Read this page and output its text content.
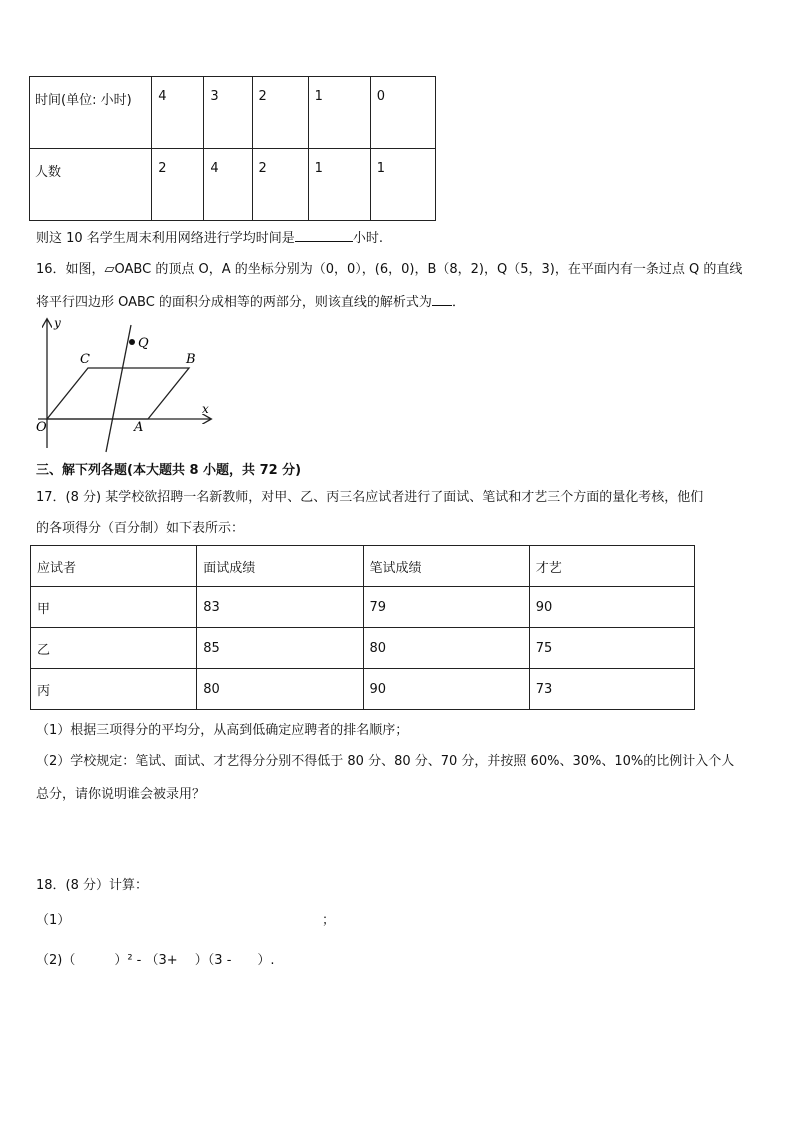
时间(单位: 小时)	4	3	2	1	0

人数	2	4	2	1	1
则这 10 名学生周末利用网络进行学均时间是	小时.
16．如图，▱OABC 的顶点 O，A 的坐标分别为（0，0），(6，0)，B（8，2)，Q（5，3)，在平面内有一条过点 Q 的直线
将平行四边形 OABC 的面积分成相等的两部分，则该直线的解析式为 ．
y
x
O	A
B
C
Q
三、解下列各题(本大题共 8 小题，共 72 分)
17．(8 分) 某学校欲招聘一名新教师，对甲、乙、丙三名应试者进行了面试、笔试和才艺三个方面的量化考核，他们
的各项得分（百分制）如下表所示：
应试者	面试成绩	笔试成绩	才艺
甲	83	79	90
乙	85	80	75
丙	80	90	73
（1）根据三项得分的平均分，从高到低确定应聘者的排名顺序；
（2）学校规定：笔试、面试、才艺得分分别不得低于 80 分、80 分、70 分，并按照 60%、30%、10%的比例计入个人
总分，请你说明谁会被录用？
18．(8 分）计算：
（1）	；
（2)（　　　）² - （3+　 ）（3 -　　）.
